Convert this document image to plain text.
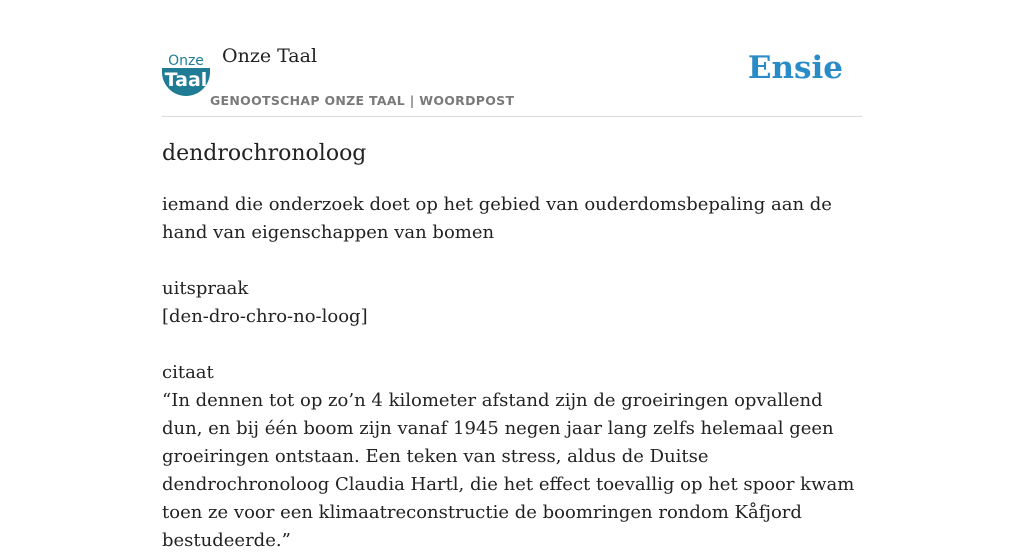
Onze
Taal
Onze Taal
GENOOTSCHAP ONZE TAAL | WOORDPOST
Ensie
dendrochronoloog

iemand die onderzoek doet op het gebied van ouderdomsbepaling aan de hand van eigenschappen van bomen

uitspraak

[den-dro-chro-no-loog]

citaat

“In dennen tot op zo’n 4 kilometer afstand zijn de groeiringen opvallend dun, en bij één boom zijn vanaf 1945 negen jaar lang zelfs helemaal geen groeiringen ontstaan. Een teken van stress, aldus de Duitse dendrochronoloog Claudia Hartl, die het effect toevallig op het spoor kwam toen ze voor een klimaatreconstructie de boomringen rondom Kåfjord bestudeerde.”
